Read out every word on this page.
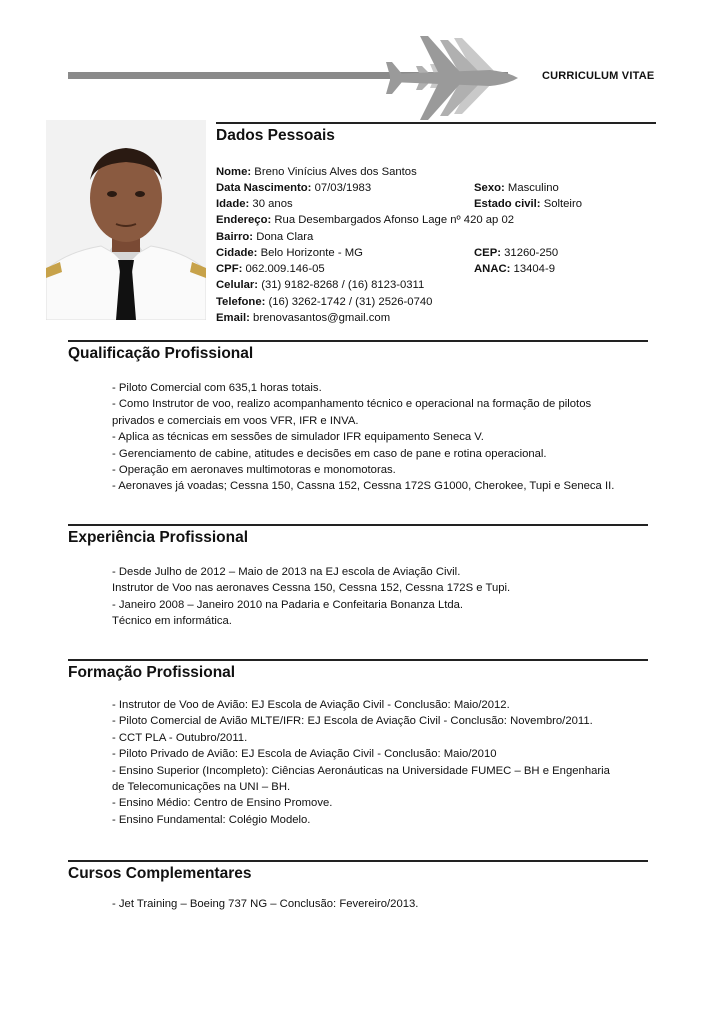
CURRICULUM VITAE
Dados Pessoais
Nome: Breno Vinícius Alves dos Santos
Data Nascimento: 07/03/1983	Sexo: Masculino
Idade: 30 anos	Estado civil: Solteiro
Endereço: Rua Desembargados Afonso Lage nº 420 ap 02
Bairro: Dona Clara
Cidade: Belo Horizonte - MG	CEP: 31260-250
CPF: 062.009.146-05	ANAC: 13404-9
Celular: (31) 9182-8268 / (16) 8123-0311
Telefone: (16) 3262-1742 / (31) 2526-0740
Email: brenovasantos@gmail.com
Qualificação Profissional
- Piloto Comercial com 635,1 horas totais.
- Como Instrutor de voo, realizo acompanhamento técnico e operacional na formação de pilotos
privados e comerciais em voos VFR, IFR e INVA.
- Aplica as técnicas em sessões de simulador IFR equipamento Seneca V.
- Gerenciamento de cabine, atitudes e decisões em caso de pane e rotina operacional.
- Operação em aeronaves multimotoras e monomotoras.
- Aeronaves já voadas; Cessna 150, Cassna 152, Cessna 172S G1000, Cherokee, Tupi e Seneca II.
Experiência Profissional
- Desde Julho de 2012 – Maio de 2013 na EJ escola de Aviação Civil.
Instrutor de Voo nas aeronaves Cessna 150, Cessna 152, Cessna 172S e Tupi.
- Janeiro 2008 – Janeiro 2010 na Padaria e Confeitaria Bonanza Ltda.
Técnico em informática.
Formação Profissional
- Instrutor de Voo de Avião: EJ Escola de Aviação Civil - Conclusão: Maio/2012.
- Piloto Comercial de Avião MLTE/IFR: EJ Escola de Aviação Civil - Conclusão: Novembro/2011.
- CCT PLA - Outubro/2011.
- Piloto Privado de Avião: EJ Escola de Aviação Civil - Conclusão: Maio/2010
- Ensino Superior (Incompleto): Ciências Aeronáuticas na Universidade FUMEC – BH e Engenharia
de Telecomunicações na UNI – BH.
- Ensino Médio: Centro de Ensino Promove.
- Ensino Fundamental: Colégio Modelo.
Cursos Complementares
- Jet Training – Boeing 737 NG – Conclusão: Fevereiro/2013.
